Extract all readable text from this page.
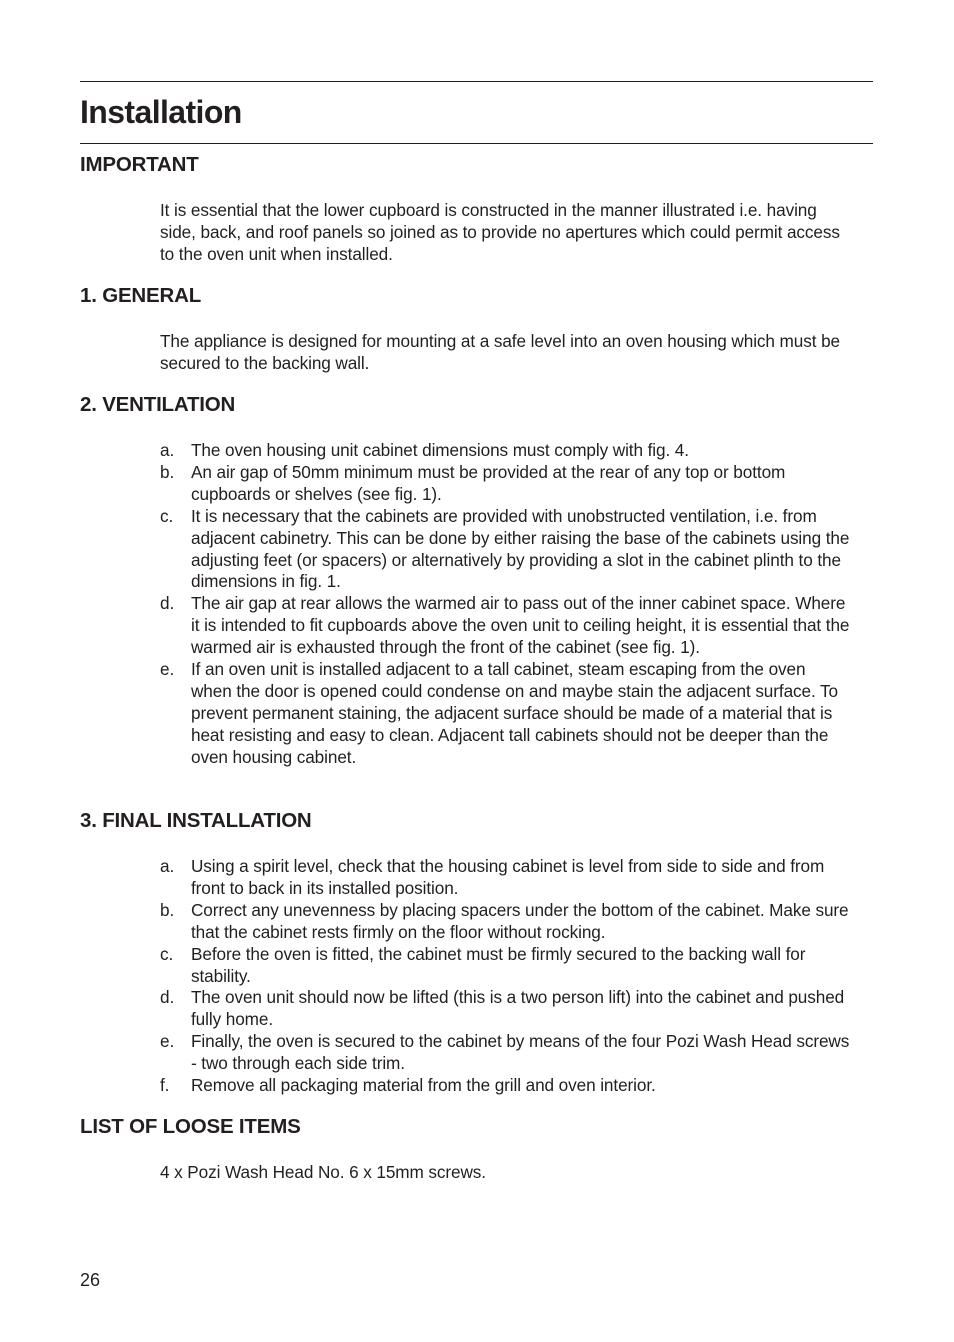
Installation
IMPORTANT

It is essential that the lower cupboard is constructed in the manner illustrated i.e. having side, back, and roof panels so joined as to provide no apertures which could permit access to the oven unit when installed.

1. GENERAL

The appliance is designed for mounting at a safe level into an oven housing which must be secured to the backing wall.

2. VENTILATION
a. The oven housing unit cabinet dimensions must comply with fig. 4.
b. An air gap of 50mm minimum must be provided at the rear of any top or bottom cupboards or shelves (see fig. 1).
c. It is necessary that the cabinets are provided with unobstructed ventilation, i.e. from adjacent cabinetry. This can be done by either raising the base of the cabinets using the adjusting feet (or spacers) or alternatively by providing a slot in the cabinet plinth to the dimensions in fig. 1.
d. The air gap at rear allows the warmed air to pass out of the inner cabinet space. Where it is intended to fit cupboards above the oven unit to ceiling height, it is essential that the warmed air is exhausted through the front of the cabinet (see fig. 1).
e. If an oven unit is installed adjacent to a tall cabinet, steam escaping from the oven when the door is opened could condense on and maybe stain the adjacent surface. To prevent permanent staining, the adjacent surface should be made of a material that is heat resisting and easy to clean. Adjacent tall cabinets should not be deeper than the oven housing cabinet.
3. FINAL INSTALLATION
a. Using a spirit level, check that the housing cabinet is level from side to side and from front to back in its installed position.
b. Correct any unevenness by placing spacers under the bottom of the cabinet. Make sure that the cabinet rests firmly on the floor without rocking.
c. Before the oven is fitted, the cabinet must be firmly secured to the backing wall for stability.
d. The oven unit should now be lifted (this is a two person lift) into the cabinet and pushed fully home.
e. Finally, the oven is secured to the cabinet by means of the four Pozi Wash Head screws - two through each side trim.
f. Remove all packaging material from the grill and oven interior.
LIST OF LOOSE ITEMS

4 x Pozi Wash Head No. 6 x 15mm screws.

26
